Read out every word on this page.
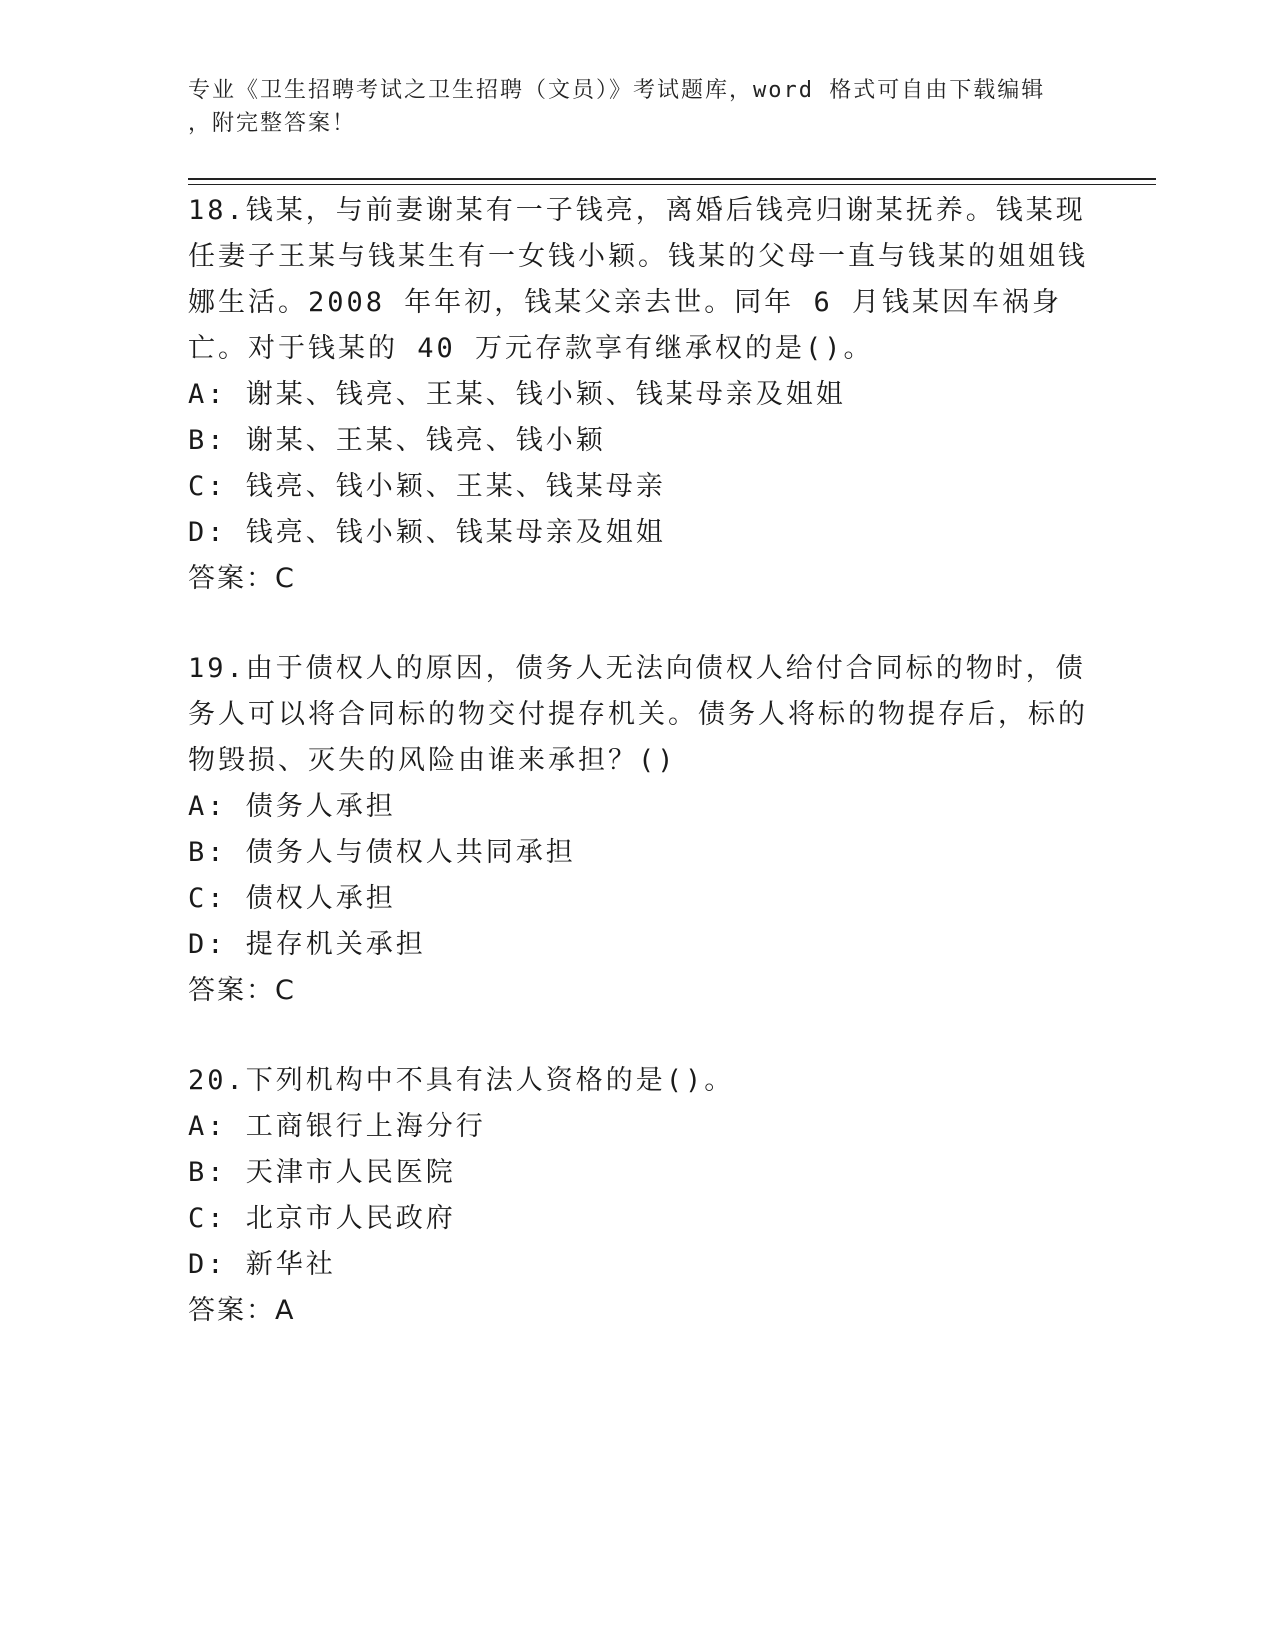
专业《卫生招聘考试之卫生招聘（文员）》考试题库，word 格式可自由下载编辑
，附完整答案！

18.钱某，与前妻谢某有一子钱亮，离婚后钱亮归谢某抚养。钱某现任妻子王某与钱某生有一女钱小颖。钱某的父母一直与钱某的姐姐钱娜生活。2008 年年初，钱某父亲去世。同年 6 月钱某因车祸身亡。对于钱某的 40 万元存款享有继承权的是()。

A: 谢某、钱亮、王某、钱小颖、钱某母亲及姐姐

B: 谢某、王某、钱亮、钱小颖

C: 钱亮、钱小颖、王某、钱某母亲

D: 钱亮、钱小颖、钱某母亲及姐姐

答案：C

19.由于债权人的原因，债务人无法向债权人给付合同标的物时，债务人可以将合同标的物交付提存机关。债务人将标的物提存后，标的物毁损、灭失的风险由谁来承担？()

A: 债务人承担

B: 债务人与债权人共同承担

C: 债权人承担

D: 提存机关承担

答案：C

20.下列机构中不具有法人资格的是()。

A: 工商银行上海分行

B: 天津市人民医院

C: 北京市人民政府

D: 新华社

答案：A
